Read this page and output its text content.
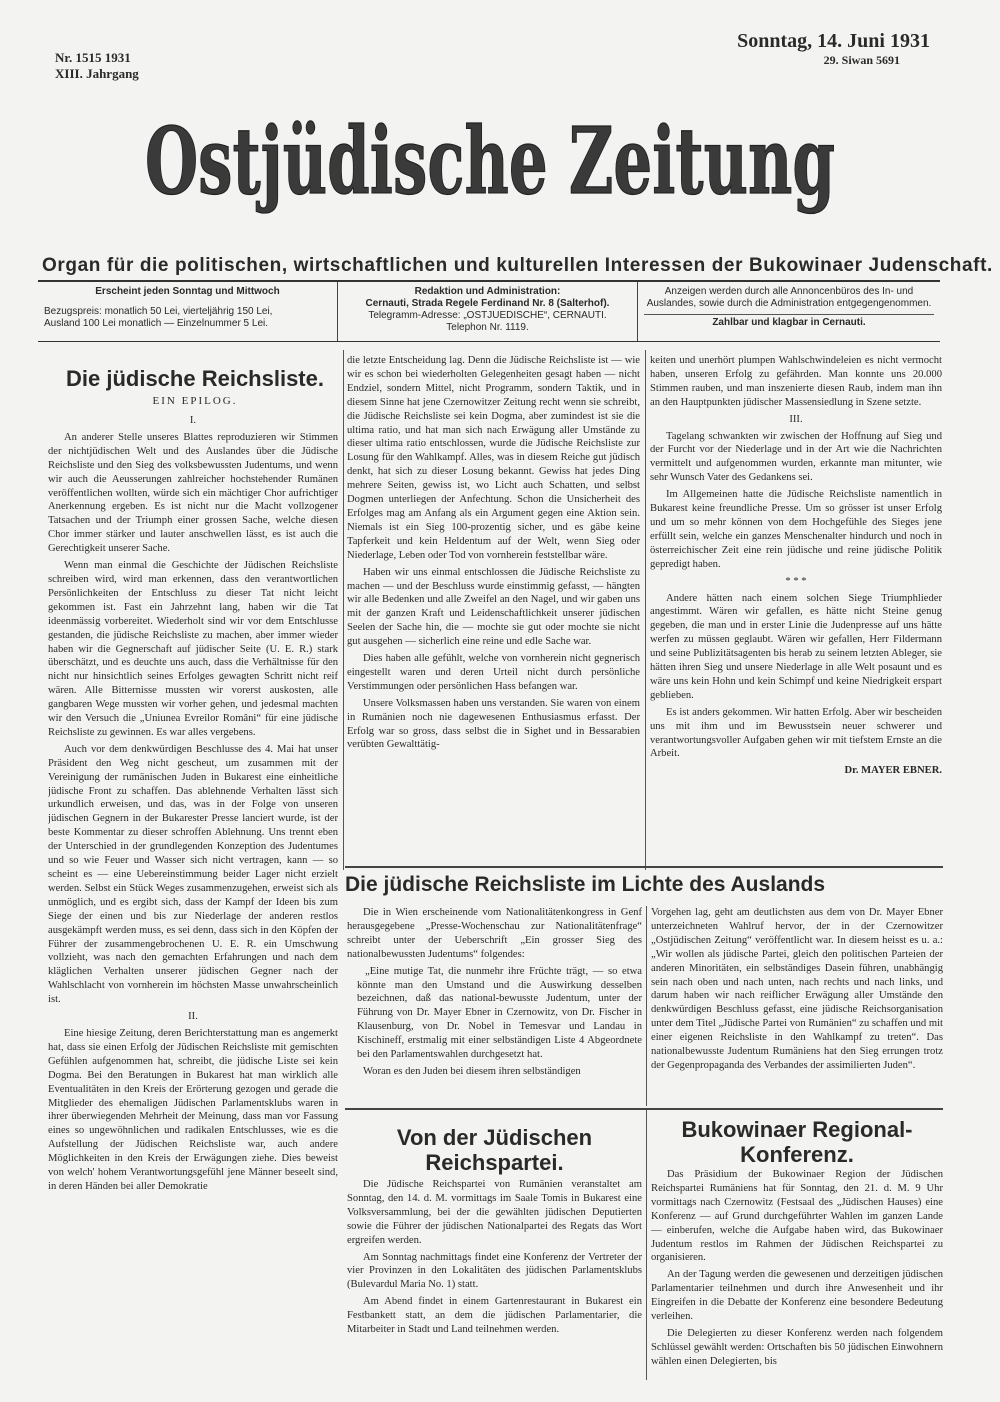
Nr. 1515 1931
XIII. Jahrgang
Sonntag, 14. Juni 1931
29. Siwan 5691
Ostjüdische Zeitung
Organ für die politischen, wirtschaftlichen und kulturellen Interessen der Bukowinaer Judenschaft.
Erscheint jeden Sonntag und Mittwoch
Bezugspreis: monatlich 50 Lei, vierteljährig 150 Lei,
Ausland 100 Lei monatlich — Einzelnummer 5 Lei.
Redaktion und Administration:
Cernauti, Strada Regele Ferdinand Nr. 8 (Salterhof).
Telegramm-Adresse: „OSTJUEDISCHE“, CERNAUTI.
Telephon Nr. 1119.
Anzeigen werden durch alle Annoncenbüros des In- und Auslandes, sowie durch die Administration entgegengenommen.
Zahlbar und klagbar in Cernauti.
Die jüdische Reichsliste.
EIN EPILOG.
I.

An anderer Stelle unseres Blattes reproduzieren wir Stimmen der nichtjüdischen Welt und des Auslandes über die Jüdische Reichsliste und den Sieg des volksbewussten Judentums, und wenn wir auch die Aeusserungen zahlreicher hochstehender Rumänen veröffentlichen wollten, würde sich ein mächtiger Chor aufrichtiger Anerkennung ergeben. Es ist nicht nur die Macht vollzogener Tatsachen und der Triumph einer grossen Sache, welche diesen Chor immer stärker und lauter anschwellen lässt, es ist auch die Gerechtigkeit unserer Sache.

Wenn man einmal die Geschichte der Jüdischen Reichsliste schreiben wird, wird man erkennen, dass den verantwortlichen Persönlichkeiten der Entschluss zu dieser Tat nicht leicht gekommen ist. Fast ein Jahrzehnt lang, haben wir die Tat ideenmässig vorbereitet. Wiederholt sind wir vor dem Entschlusse gestanden, die jüdische Reichsliste zu machen, aber immer wieder haben wir die Gegnerschaft auf jüdischer Seite (U. E. R.) stark überschätzt, und es deuchte uns auch, dass die Verhältnisse für den nicht nur hinsichtlich seines Erfolges gewagten Schritt nicht reif wären. Alle Bitternisse mussten wir vorerst auskosten, alle gangbaren Wege mussten wir vorher gehen, und jedesmal machten wir den Versuch die „Uniunea Evreilor Români“ für eine jüdische Reichsliste zu gewinnen. Es war alles vergebens.

Auch vor dem denkwürdigen Beschlusse des 4. Mai hat unser Präsident den Weg nicht gescheut, um zusammen mit der Vereinigung der rumänischen Juden in Bukarest eine einheitliche jüdische Front zu schaffen. Das ablehnende Verhalten lässt sich urkundlich erweisen, und das, was in der Folge von unseren jüdischen Gegnern in der Bukarester Presse lanciert wurde, ist der beste Kommentar zu dieser schroffen Ablehnung. Uns trennt eben der Unterschied in der grundlegenden Konzeption des Judentumes und so wie Feuer und Wasser sich nicht vertragen, kann — so scheint es — eine Uebereinstimmung beider Lager nicht erzielt werden. Selbst ein Stück Weges zusammenzugehen, erweist sich als unmöglich, und es ergibt sich, dass der Kampf der Ideen bis zum Siege der einen und bis zur Niederlage der anderen restlos ausgekämpft werden muss, es sei denn, dass sich in den Köpfen der Führer der zusammengebrochenen U. E. R. ein Umschwung vollzieht, was nach den gemachten Erfahrungen und nach dem kläglichen Verhalten unserer jüdischen Gegner nach der Wahlschlacht von vornherein im höchsten Masse unwahrscheinlich ist.

II.

Eine hiesige Zeitung, deren Berichterstattung man es angemerkt hat, dass sie einen Erfolg der Jüdischen Reichsliste mit gemischten Gefühlen aufgenommen hat, schreibt, die jüdische Liste sei kein Dogma. Bei den Beratungen in Bukarest hat man wirklich alle Eventualitäten in den Kreis der Erörterung gezogen und gerade die Mitglieder des ehemaligen Jüdischen Parlamentsklubs waren in ihrer überwiegenden Mehrheit der Meinung, dass man vor Fassung eines so ungewöhnlichen und radikalen Entschlusses, wie es die Aufstellung der Jüdischen Reichsliste war, auch andere Möglichkeiten in den Kreis der Erwägungen ziehe. Dies beweist von welch' hohem Verantwortungsgefühl jene Männer beseelt sind, in deren Händen bei aller Demokratie

die letzte Entscheidung lag. Denn die Jüdische Reichsliste ist — wie wir es schon bei wiederholten Gelegenheiten gesagt haben — nicht Endziel, sondern Mittel, nicht Programm, sondern Taktik, und in diesem Sinne hat jene Czernowitzer Zeitung recht wenn sie schreibt, die Jüdische Reichsliste sei kein Dogma, aber zumindest ist sie die ultima ratio, und hat man sich nach Erwägung aller Umstände zu dieser ultima ratio entschlossen, wurde die Jüdische Reichsliste zur Losung für den Wahlkampf. Alles, was in diesem Reiche gut jüdisch denkt, hat sich zu dieser Losung bekannt. Gewiss hat jedes Ding mehrere Seiten, gewiss ist, wo Licht auch Schatten, und selbst Dogmen unterliegen der Anfechtung. Schon die Unsicherheit des Erfolges mag am Anfang als ein Argument gegen eine Aktion sein. Niemals ist ein Sieg 100-prozentig sicher, und es gäbe keine Tapferkeit und kein Heldentum auf der Welt, wenn Sieg oder Niederlage, Leben oder Tod von vornherein feststellbar wäre.

Haben wir uns einmal entschlossen die Jüdische Reichsliste zu machen — und der Beschluss wurde einstimmig gefasst, — hängten wir alle Bedenken und alle Zweifel an den Nagel, und wir gaben uns mit der ganzen Kraft und Leidenschaftlichkeit unserer jüdischen Seelen der Sache hin, die — mochte sie gut oder mochte sie nicht gut ausgehen — sicherlich eine reine und edle Sache war.

Dies haben alle gefühlt, welche von vornherein nicht gegnerisch eingestellt waren und deren Urteil nicht durch persönliche Verstimmungen oder persönlichen Hass befangen war.

Unsere Volksmassen haben uns verstanden. Sie waren von einem in Rumänien noch nie dagewesenen Enthusiasmus erfasst. Der Erfolg war so gross, dass selbst die in Sighet und in Bessarabien verübten Gewalttätig-

keiten und unerhört plumpen Wahlschwindeleien es nicht vermocht haben, unseren Erfolg zu gefährden. Man konnte uns 20.000 Stimmen rauben, und man inszenierte diesen Raub, indem man ihn an den Hauptpunkten jüdischer Massensiedlung in Szene setzte.

III.

Tagelang schwankten wir zwischen der Hoffnung auf Sieg und der Furcht vor der Niederlage und in der Art wie die Nachrichten vermittelt und aufgenommen wurden, erkannte man mitunter, wie sehr Wunsch Vater des Gedankens sei.

Im Allgemeinen hatte die Jüdische Reichsliste namentlich in Bukarest keine freundliche Presse. Um so grösser ist unser Erfolg und um so mehr können von dem Hochgefühle des Sieges jene erfüllt sein, welche ein ganzes Menschenalter hindurch und noch in österreichischer Zeit eine rein jüdische und reine jüdische Politik gepredigt haben.

* * *

Andere hätten nach einem solchen Siege Triumphlieder angestimmt. Wären wir gefallen, es hätte nicht Steine genug gegeben, die man und in erster Linie die Judenpresse auf uns hätte werfen zu müssen geglaubt. Wären wir gefallen, Herr Fildermann und seine Publizitätsagenten bis herab zu seinem letzten Ableger, sie hätten ihren Sieg und unsere Niederlage in alle Welt posaunt und es wäre uns kein Hohn und kein Schimpf und keine Niedrigkeit erspart geblieben.

Es ist anders gekommen. Wir hatten Erfolg. Aber wir bescheiden uns mit ihm und im Bewusstsein neuer schwerer und verantwortungsvoller Aufgaben gehen wir mit tiefstem Ernste an die Arbeit.

Dr. MAYER EBNER.
Die jüdische Reichsliste im Lichte des Auslands

Die in Wien erscheinende vom Nationalitätenkongress in Genf herausgegebene „Presse-Wochenschau zur Nationalitätenfrage“ schreibt unter der Ueberschrift „Ein grosser Sieg des nationalbewussten Judentums“ folgendes:

„Eine mutige Tat, die nunmehr ihre Früchte trägt, — so etwa könnte man den Umstand und die Auswirkung desselben bezeichnen, daß das national-bewusste Judentum, unter der Führung von Dr. Mayer Ebner in Czernowitz, von Dr. Fischer in Klausenburg, von Dr. Nobel in Temesvar und Landau in Kischineff, erstmalig mit einer selbständigen Liste 4 Abgeordnete bei den Parlamentswahlen durchgesetzt hat.

Woran es den Juden bei diesem ihren selbständigen

Vorgehen lag, geht am deutlichsten aus dem von Dr. Mayer Ebner unterzeichneten Wahlruf hervor, der in der Czernowitzer „Ostjüdischen Zeitung“ veröffentlicht war. In diesem heisst es u. a.: „Wir wollen als jüdische Partei, gleich den politischen Parteien der anderen Minoritäten, ein selbständiges Dasein führen, unabhängig sein nach oben und nach unten, nach rechts und nach links, und darum haben wir nach reiflicher Erwägung aller Umstände den denkwürdigen Beschluss gefasst, eine jüdische Reichsorganisation unter dem Titel „Jüdische Partei von Rumänien“ zu schaffen und mit einer eigenen Reichsliste in den Wahlkampf zu treten“. Das nationalbewusste Judentum Rumäniens hat den Sieg errungen trotz der Gegenpropaganda des Verbandes der assimilierten Juden“.

Von der Jüdischen
Reichspartei.

Die Jüdische Reichspartei von Rumänien veranstaltet am Sonntag, den 14. d. M. vormittags im Saale Tomis in Bukarest eine Volksversammlung, bei der die gewählten jüdischen Deputierten sowie die Führer der jüdischen Nationalpartei des Regats das Wort ergreifen werden.

Am Sonntag nachmittags findet eine Konferenz der Vertreter der vier Provinzen in den Lokalitäten des jüdischen Parlamentsklubs (Bulevardul Maria No. 1) statt.

Am Abend findet in einem Gartenrestaurant in Bukarest ein Festbankett statt, an dem die jüdischen Parlamentarier, die Mitarbeiter in Stadt und Land teilnehmen werden.

Bukowinaer Regional-
Konferenz.

Das Präsidium der Bukowinaer Region der Jüdischen Reichspartei Rumäniens hat für Sonntag, den 21. d. M. 9 Uhr vormittags nach Czernowitz (Festsaal des „Jüdischen Hauses) eine Konferenz — auf Grund durchgeführter Wahlen im ganzen Lande — einberufen, welche die Aufgabe haben wird, das Bukowinaer Judentum restlos im Rahmen der Jüdischen Reichspartei zu organisieren.

An der Tagung werden die gewesenen und derzeitigen jüdischen Parlamentarier teilnehmen und durch ihre Anwesenheit und ihr Eingreifen in die Debatte der Konferenz eine besondere Bedeutung verleihen.

Die Delegierten zu dieser Konferenz werden nach folgendem Schlüssel gewählt werden: Ortschaften bis 50 jüdischen Einwohnern wählen einen Delegierten, bis
